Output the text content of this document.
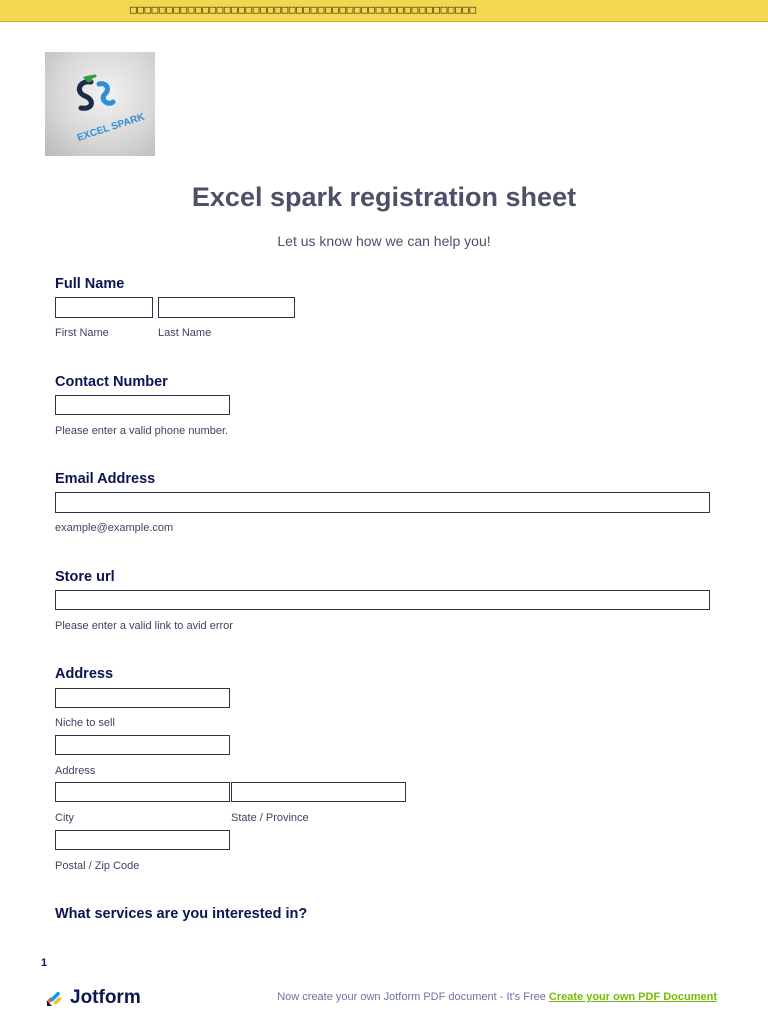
□□□□□□□□□□□□□□□□□□□□□□□□□□□□□□□□□□□□□□□□□□□□□□□□
EXCEL SPARK
Excel spark registration sheet
Let us know how we can help you!
Full Name
First Name	Last Name
Contact Number
Please enter a valid phone number.
Email Address
example@example.com
Store url
Please enter a valid link to avid error
Address
Niche to sell
Address
City	State / Province
Postal / Zip Code
What services are you interested in?
1
Jotform	Now create your own Jotform PDF document - It's Free Create your own PDF Document
